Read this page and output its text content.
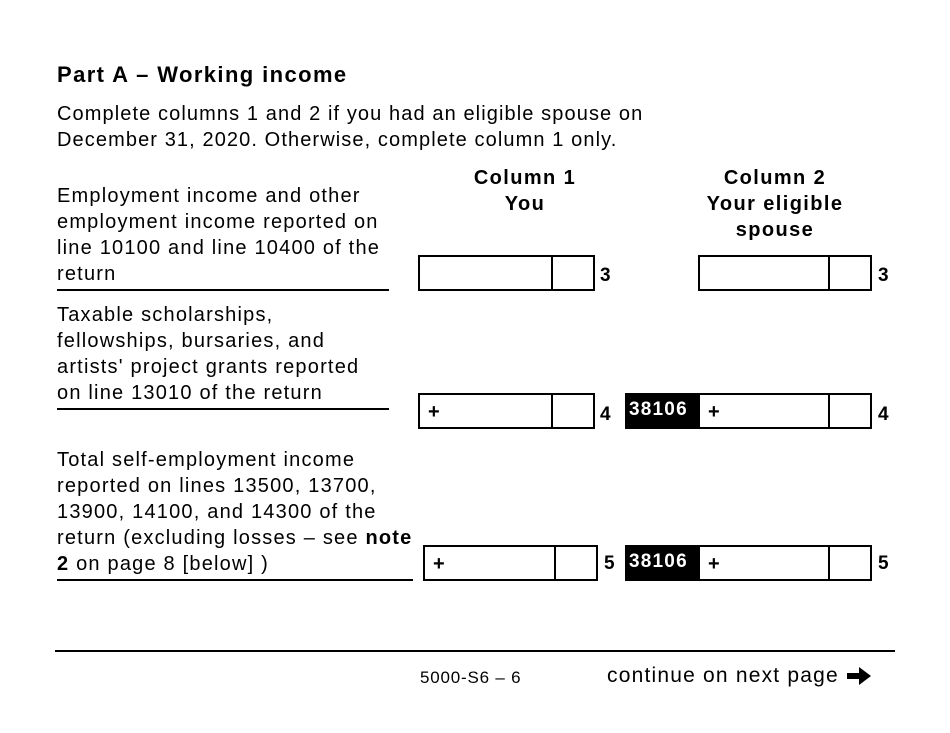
Part A – Working income
Complete columns 1 and 2 if you had an eligible spouse on
December 31, 2020. Otherwise, complete column 1 only.
Column 1
You
Column 2
Your eligible
spouse
Employment income and other employment income reported on line 10100 and line 10400 of the return	3	3
Taxable scholarships, fellowships, bursaries, and artists' project grants reported on line 13010 of the return
+	4 38106	+	4
Total self-employment income reported on lines 13500, 13700, 13900, 14100, and 14300 of the return (excluding losses – see note 2 on page 8 [below] )	+	5 38106	+	5
5000-S6 – 6	continue on next page
